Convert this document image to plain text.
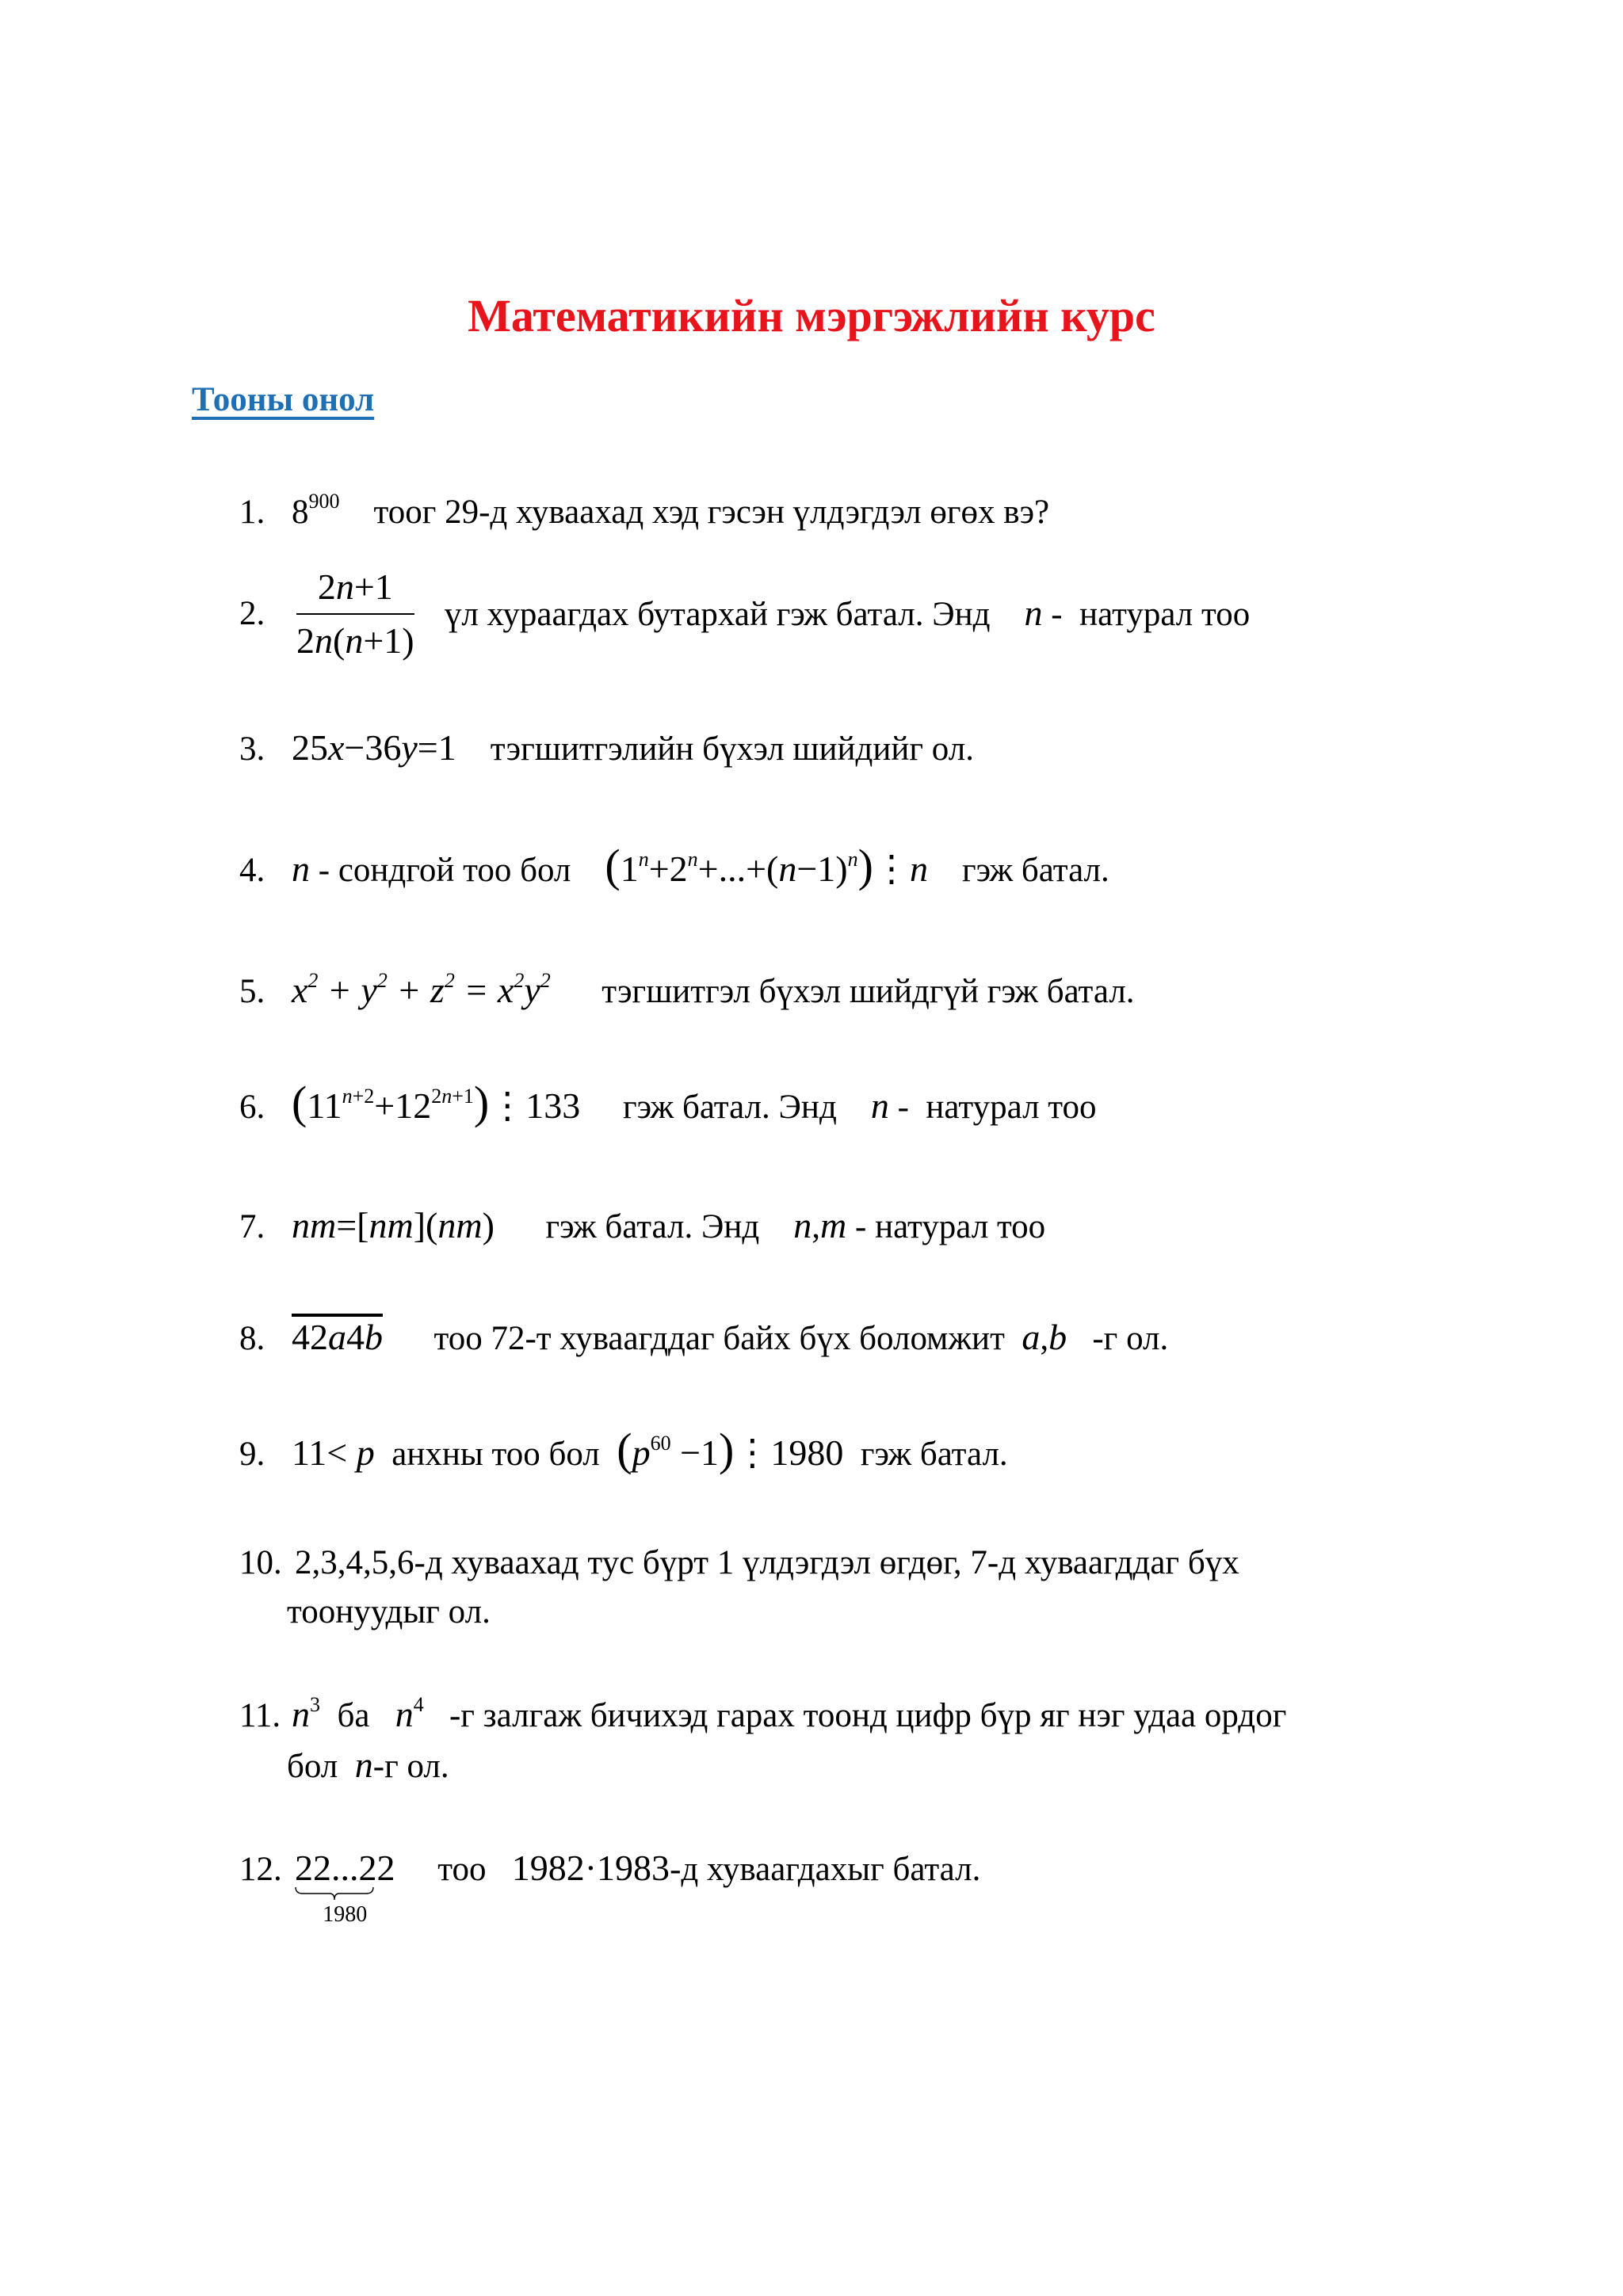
Математикийн мэргэжлийн курс
Тооны онол
1. $8^{900}$ тоог 29-д хуваахад хэд гэсэн үлдэгдэл өгөх вэ?
2. $\frac{2n+1}{2n(n+1)}$ үл хураагдах бутархай гэж батал. Энд n -  натурал тоо
3. 25x−36y=1 тэгшитгэлийн бүхэл шийдийг ол.
4. n - сондгой тоо бол $(1^n+2^n+...+(n-1)^n)⋮n$ гэж батал.
5. $x^2 + y^2 + z^2 = x^2y^2$ тэгшитгэл бүхэл шийдгүй гэж батал.
6. $(11^{n+2}+12^{2n+1})⋮133$ гэж батал. Энд n -  натурал тоо
7. nm=[nm](nm) гэж батал. Энд n,m - натурал тоо
8. 42a4b тоо 72-т хуваагддаг байх бүх боломжит a,b -г ол.
9. 11< p анхны тоо бол ($p^{60}$ −1)⋮1980 гэж батал.
10. 2,3,4,5,6-д хуваахад тус бүрт 1 үлдэгдэл өгдөг, 7-д хуваагддаг бүх
тоонуудыг ол.
11. $n^3$ ба $n^4$ -г залгаж бичихэд гарах тоонд цифр бүр яг нэг удаа ордог
бол n-г ол.
12. 22...22
1980
тоо 1982·1983-д хуваагдахыг батал.
